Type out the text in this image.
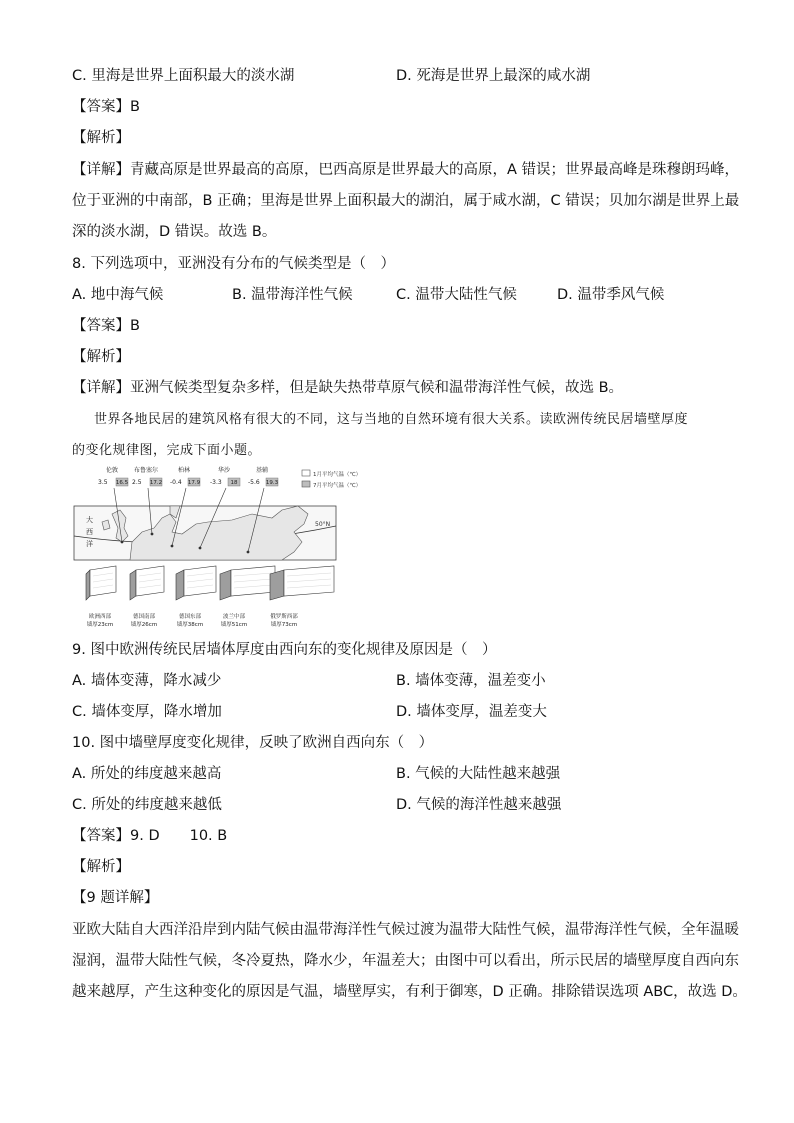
C. 里海是世界上面积最大的淡水湖	D. 死海是世界上最深的咸水湖
【答案】B
【解析】
【详解】青藏高原是世界最高的高原，巴西高原是世界最大的高原，A 错误；世界最高峰是珠穆朗玛峰，
位于亚洲的中南部，B 正确；里海是世界上面积最大的湖泊，属于咸水湖，C 错误；贝加尔湖是世界上最
深的淡水湖，D 错误。故选 B。
8. 下列选项中，亚洲没有分布的气候类型是（　）
A. 地中海气候	B. 温带海洋性气候	C. 温带大陆性气候	D. 温带季风气候
【答案】B
【解析】
【详解】亚洲气候类型复杂多样，但是缺失热带草原气候和温带海洋性气候，故选 B。
世界各地民居的建筑风格有很大的不同，这与当地的自然环境有很大关系。读欧洲传统民居墙壁厚度
的变化规律图，完成下面小题。
1月平均气温（℃）
7月平均气温（℃）
50°N
大
西
洋
伦敦
3.5 16.5
布鲁塞尔
2.5 17.2
柏林
-0.4 17.9
华沙
-3.3 18
基辅
-5.6 19.3
欧洲西部
墙厚23cm
德国南部
墙厚26cm
德国东部
墙厚38cm
波兰中部
墙厚51cm
俄罗斯西部
墙厚73cm
9. 图中欧洲传统民居墙体厚度由西向东的变化规律及原因是（　）
A. 墙体变薄，降水减少	B. 墙体变薄，温差变小
C. 墙体变厚，降水增加	D. 墙体变厚，温差变大
10. 图中墙壁厚度变化规律，反映了欧洲自西向东（　）
A. 所处的纬度越来越高	B. 气候的大陆性越来越强
C. 所处的纬度越来越低	D. 气候的海洋性越来越强
【答案】9. D 10. B
【解析】
【9 题详解】
亚欧大陆自大西洋沿岸到内陆气候由温带海洋性气候过渡为温带大陆性气候，温带海洋性气候，全年温暖
湿润，温带大陆性气候，冬冷夏热，降水少，年温差大；由图中可以看出，所示民居的墙壁厚度自西向东
越来越厚，产生这种变化的原因是气温，墙壁厚实，有利于御寒，D 正确。排除错误选项 ABC，故选 D。
